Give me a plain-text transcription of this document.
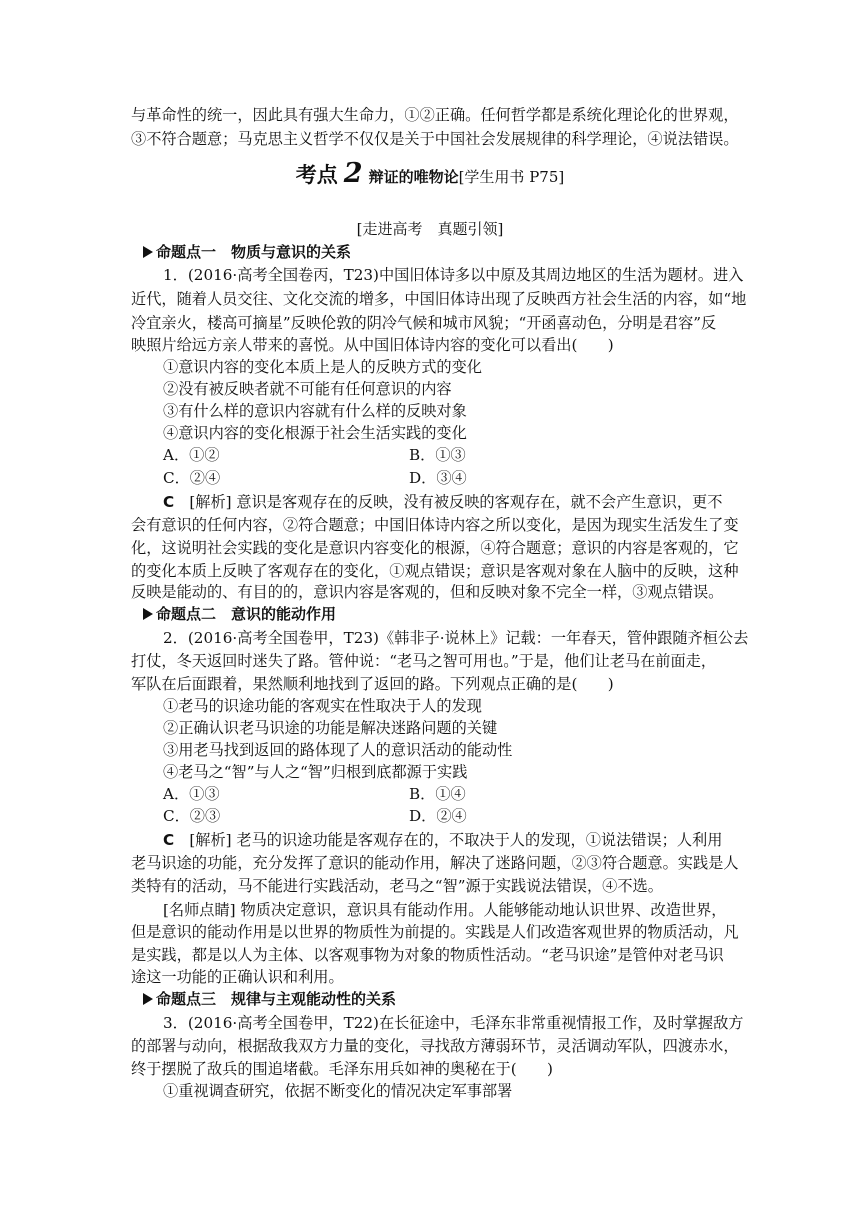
与革命性的统一，因此具有强大生命力，①②正确。任何哲学都是系统化理论化的世界观，
③不符合题意；马克思主义哲学不仅仅是关于中国社会发展规律的科学理论，④说法错误。
考点 2 辩证的唯物论[学生用书 P75]
[走进高考　真题引领]
命题点一　物质与意识的关系
1．(2016·高考全国卷丙，T23)中国旧体诗多以中原及其周边地区的生活为题材。进入
近代，随着人员交往、文化交流的增多，中国旧体诗出现了反映西方社会生活的内容，如“地
冷宜亲火，楼高可摘星”反映伦敦的阴冷气候和城市风貌；“开函喜动色，分明是君容”反
映照片给远方亲人带来的喜悦。从中国旧体诗内容的变化可以看出(　　)
①意识内容的变化本质上是人的反映方式的变化
②没有被反映者就不可能有任何意识的内容
③有什么样的意识内容就有什么样的反映对象
④意识内容的变化根源于社会生活实践的变化
A．①②	B．①③
C．②④	D．③④
C　 [解析] 意识是客观存在的反映，没有被反映的客观存在，就不会产生意识，更不
会有意识的任何内容，②符合题意；中国旧体诗内容之所以变化，是因为现实生活发生了变
化，这说明社会实践的变化是意识内容变化的根源，④符合题意；意识的内容是客观的，它
的变化本质上反映了客观存在的变化，①观点错误；意识是客观对象在人脑中的反映，这种
反映是能动的、有目的的，意识内容是客观的，但和反映对象不完全一样，③观点错误。
命题点二　意识的能动作用
2．(2016·高考全国卷甲，T23)《韩非子·说林上》记载：一年春天，管仲跟随齐桓公去
打仗，冬天返回时迷失了路。管仲说：“老马之智可用也。”于是，他们让老马在前面走，
军队在后面跟着，果然顺利地找到了返回的路。下列观点正确的是(　　)
①老马的识途功能的客观实在性取决于人的发现
②正确认识老马识途的功能是解决迷路问题的关键
③用老马找到返回的路体现了人的意识活动的能动性
④老马之“智”与人之“智”归根到底都源于实践
A．①③	B．①④
C．②③	D．②④
C　 [解析] 老马的识途功能是客观存在的，不取决于人的发现，①说法错误；人利用
老马识途的功能，充分发挥了意识的能动作用，解决了迷路问题，②③符合题意。实践是人
类特有的活动，马不能进行实践活动，老马之“智”源于实践说法错误，④不选。
[名师点睛] 物质决定意识，意识具有能动作用。人能够能动地认识世界、改造世界，
但是意识的能动作用是以世界的物质性为前提的。实践是人们改造客观世界的物质活动，凡
是实践，都是以人为主体、以客观事物为对象的物质性活动。“老马识途”是管仲对老马识
途这一功能的正确认识和利用。
命题点三　规律与主观能动性的关系
3．(2016·高考全国卷甲，T22)在长征途中，毛泽东非常重视情报工作，及时掌握敌方
的部署与动向，根据敌我双方力量的变化，寻找敌方薄弱环节，灵活调动军队，四渡赤水，
终于摆脱了敌兵的围追堵截。毛泽东用兵如神的奥秘在于(　　)
①重视调查研究，依据不断变化的情况决定军事部署
